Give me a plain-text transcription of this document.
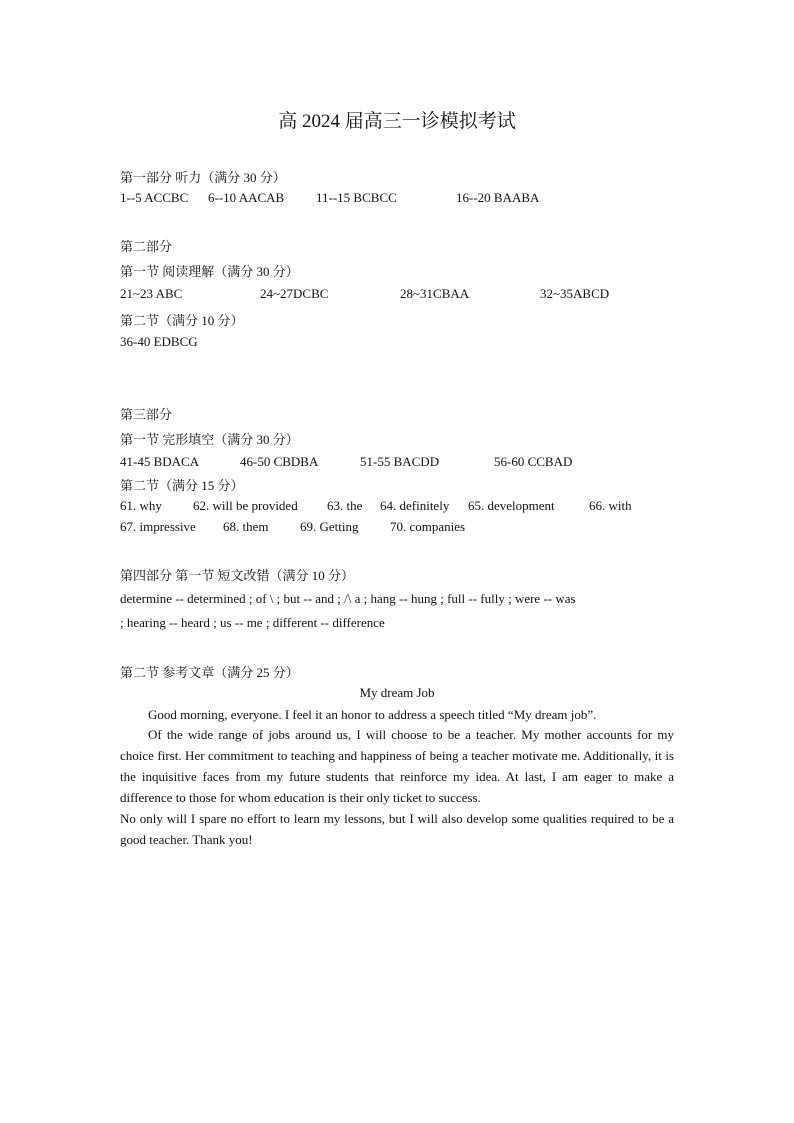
高 2024 届高三一诊模拟考试
第一部分 听力（满分 30 分）
1--5 ACCBC 6--10 AACAB 11--15 BCBCC	16--20 BAABA
第二部分
第一节 阅读理解（满分 30 分）
21~23 ABC	24~27DCBC	28~31CBAA	32~35ABCD
第二节（满分 10 分）
36-40 EDBCG
第三部分
第一节 完形填空（满分 30 分）
41-45 BDACA	46-50 CBDBA	51-55 BACDD	56-60 CCBAD
第二节（满分 15 分）
61. why 62. will be provided 63. the 64. definitely 65. development	66. with
67. impressive 68. them 69. Getting 70. companies
第四部分 第一节 短文改错（满分 10 分）
determine -- determined ; of \ ; but -- and ; /\ a ; hang -- hung ; full -- fully ; were -- was
; hearing -- heard ; us -- me ; different -- difference
第二节 参考文章（满分 25 分）
My dream Job
Good morning, everyone. I feel it an honor to address a speech titled “My dream job”.
Of the wide range of jobs around us, I will choose to be a teacher. My mother accounts for my choice first. Her commitment to teaching and happiness of being a teacher motivate me. Additionally, it is the inquisitive faces from my future students that reinforce my idea. At last, I am eager to make a difference to those for whom education is their only ticket to success.
No only will I spare no effort to learn my lessons, but I will also develop some qualities required to be a good teacher. Thank you!
